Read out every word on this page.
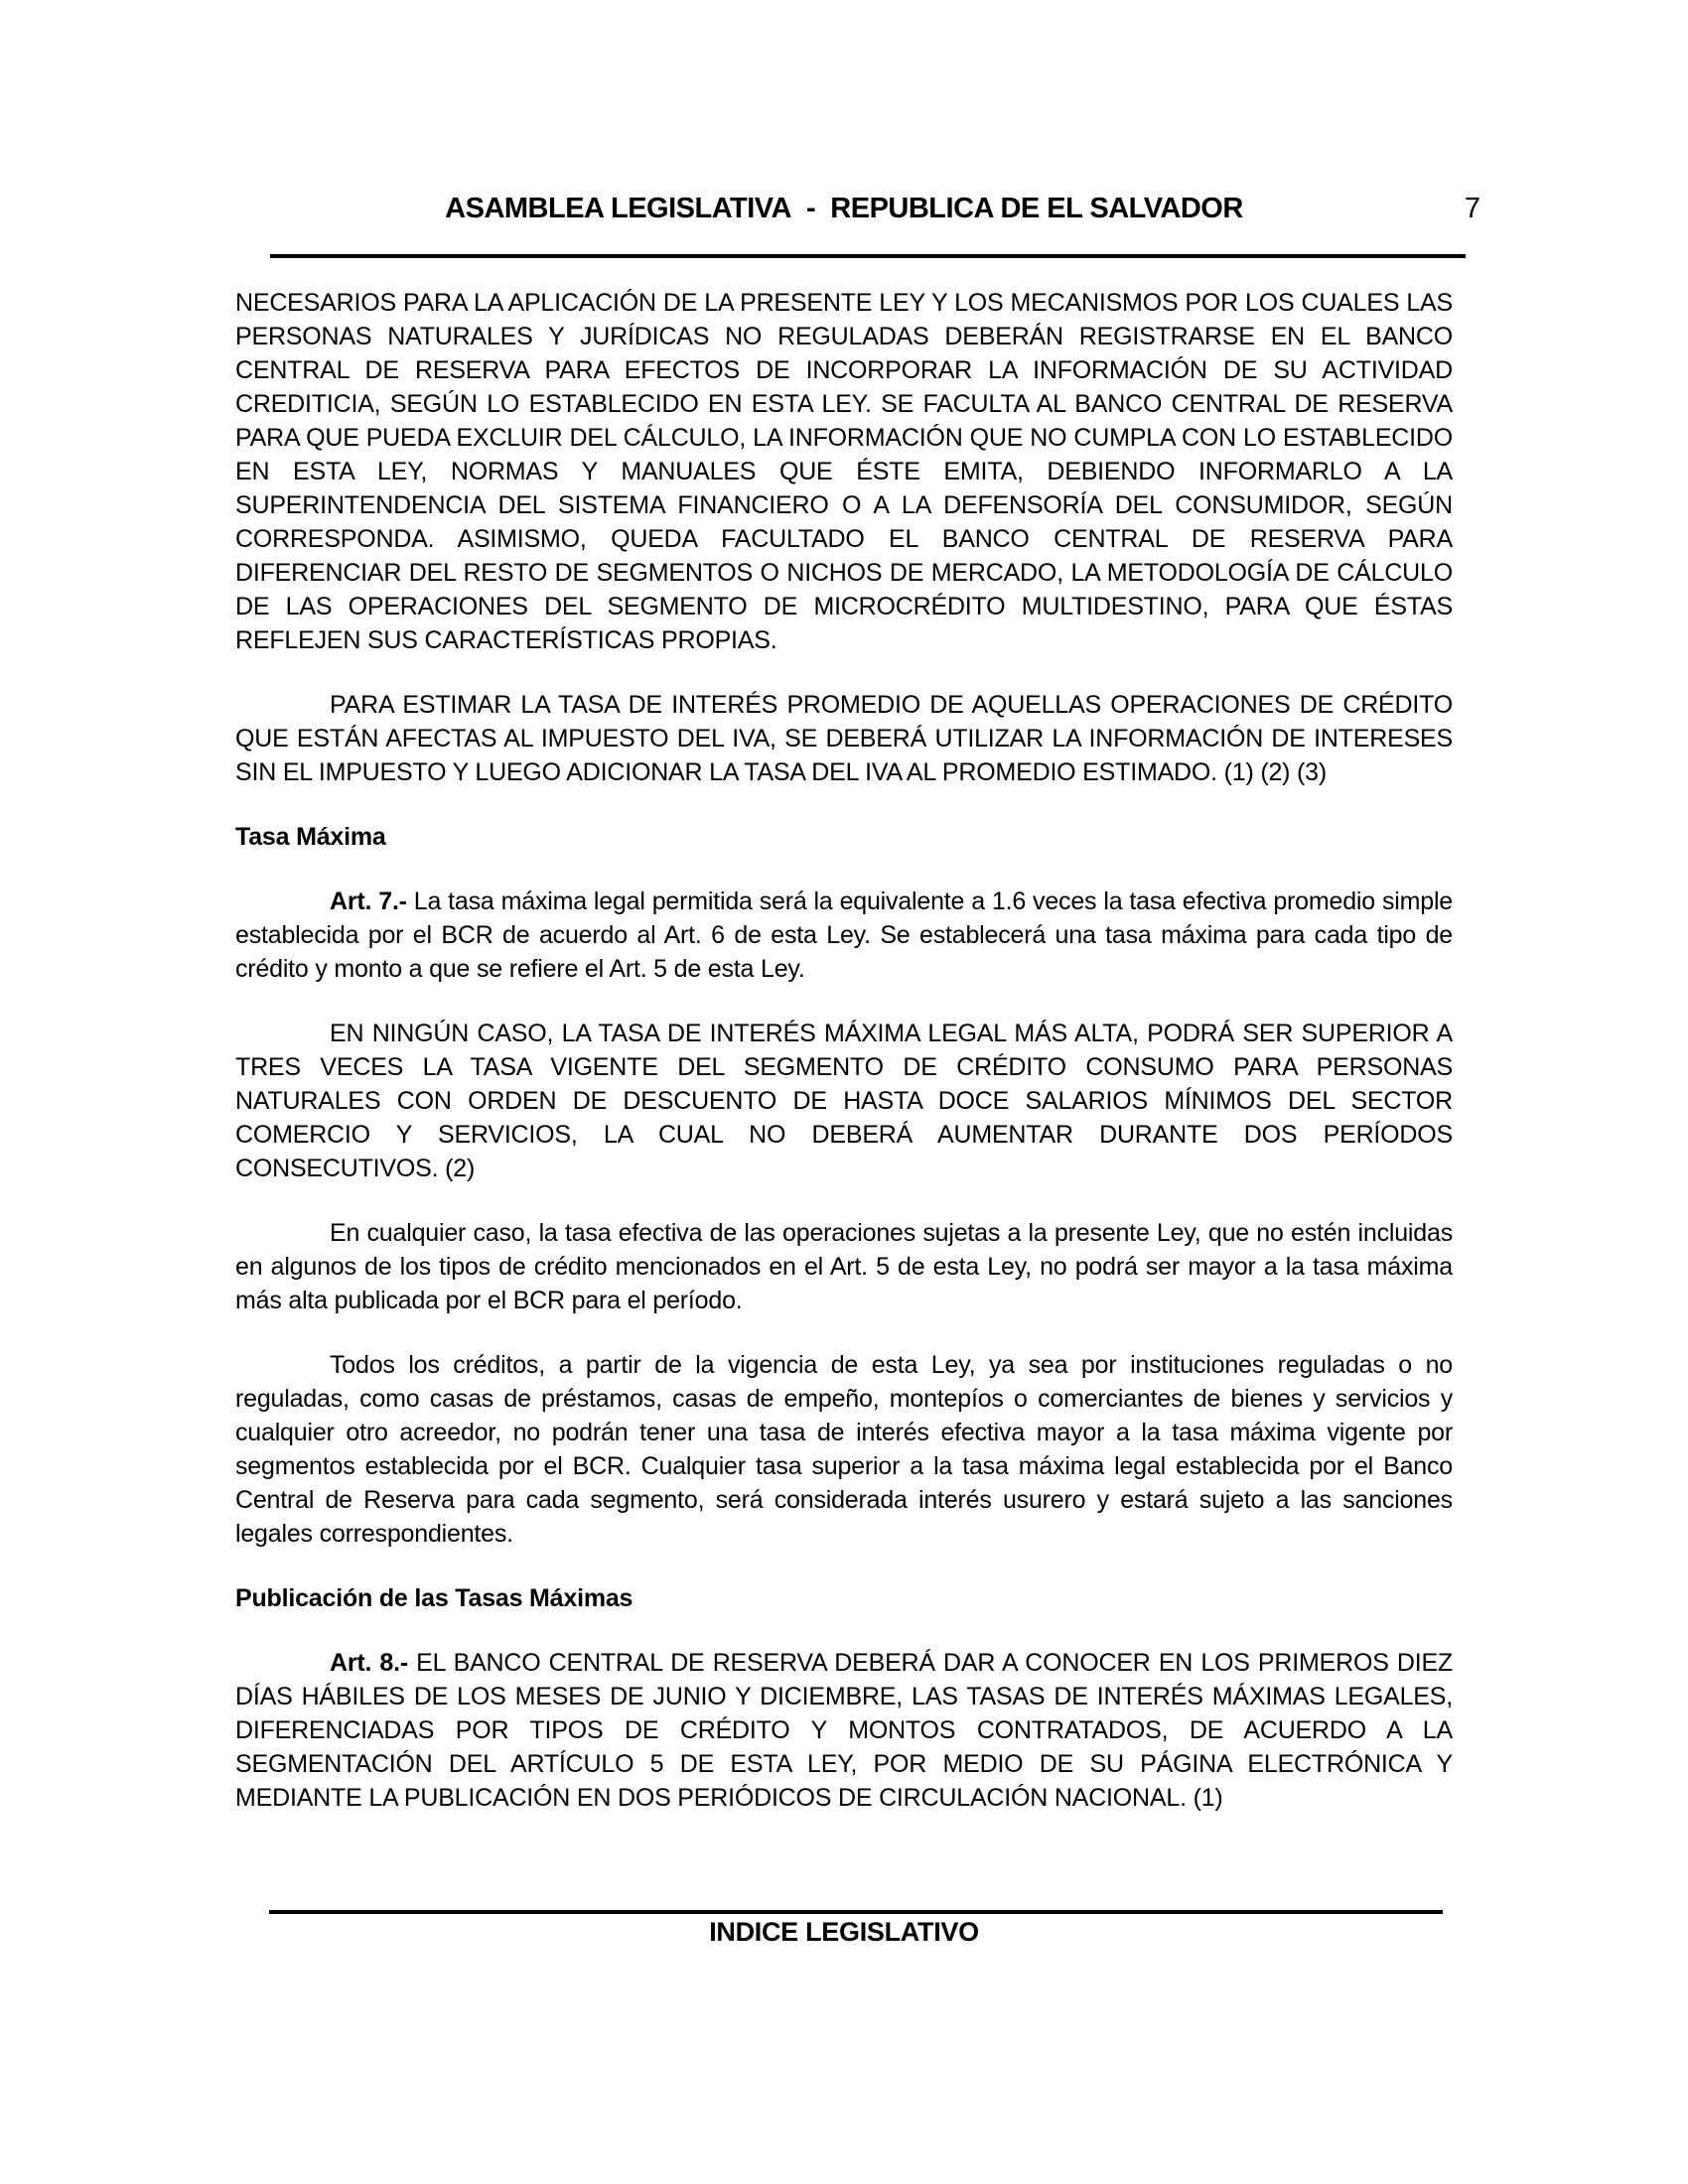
ASAMBLEA LEGISLATIVA  -  REPUBLICA DE EL SALVADOR	7

NECESARIOS PARA LA APLICACIÓN DE LA PRESENTE LEY Y LOS MECANISMOS POR LOS CUALES LAS PERSONAS NATURALES Y JURÍDICAS NO REGULADAS DEBERÁN REGISTRARSE EN EL BANCO CENTRAL DE RESERVA PARA EFECTOS DE INCORPORAR LA INFORMACIÓN DE SU ACTIVIDAD CREDITICIA, SEGÚN LO ESTABLECIDO EN ESTA LEY. SE FACULTA AL BANCO CENTRAL DE RESERVA PARA QUE PUEDA EXCLUIR DEL CÁLCULO, LA INFORMACIÓN QUE NO CUMPLA CON LO ESTABLECIDO EN ESTA LEY, NORMAS Y MANUALES QUE ÉSTE EMITA, DEBIENDO INFORMARLO A LA SUPERINTENDENCIA DEL SISTEMA FINANCIERO O A LA DEFENSORÍA DEL CONSUMIDOR, SEGÚN CORRESPONDA. ASIMISMO, QUEDA FACULTADO EL BANCO CENTRAL DE RESERVA PARA DIFERENCIAR DEL RESTO DE SEGMENTOS O NICHOS DE MERCADO, LA METODOLOGÍA DE CÁLCULO DE LAS OPERACIONES DEL SEGMENTO DE MICROCRÉDITO MULTIDESTINO, PARA QUE ÉSTAS REFLEJEN SUS CARACTERÍSTICAS PROPIAS.

PARA ESTIMAR LA TASA DE INTERÉS PROMEDIO DE AQUELLAS OPERACIONES DE CRÉDITO QUE ESTÁN AFECTAS AL IMPUESTO DEL IVA, SE DEBERÁ UTILIZAR LA INFORMACIÓN DE INTERESES SIN EL IMPUESTO Y LUEGO ADICIONAR LA TASA DEL IVA AL PROMEDIO ESTIMADO. (1) (2) (3)

Tasa Máxima

Art. 7.- La tasa máxima legal permitida será la equivalente a 1.6 veces la tasa efectiva promedio simple establecida por el BCR de acuerdo al Art. 6 de esta Ley. Se establecerá una tasa máxima para cada tipo de crédito y monto a que se refiere el Art. 5 de esta Ley.

EN NINGÚN CASO, LA TASA DE INTERÉS MÁXIMA LEGAL MÁS ALTA, PODRÁ SER SUPERIOR A TRES VECES LA TASA VIGENTE DEL SEGMENTO DE CRÉDITO CONSUMO PARA PERSONAS NATURALES CON ORDEN DE DESCUENTO DE HASTA DOCE SALARIOS MÍNIMOS DEL SECTOR COMERCIO Y SERVICIOS, LA CUAL NO DEBERÁ AUMENTAR DURANTE DOS PERÍODOS CONSECUTIVOS. (2)

En cualquier caso, la tasa efectiva de las operaciones sujetas a la presente Ley, que no estén incluidas en algunos de los tipos de crédito mencionados en el Art. 5 de esta Ley, no podrá ser mayor a la tasa máxima más alta publicada por el BCR para el período.

Todos los créditos, a partir de la vigencia de esta Ley, ya sea por instituciones reguladas o no reguladas, como casas de préstamos, casas de empeño, montepíos o comerciantes de bienes y servicios y cualquier otro acreedor, no podrán tener una tasa de interés efectiva mayor a la tasa máxima vigente por segmentos establecida por el BCR. Cualquier tasa superior a la tasa máxima legal establecida por el Banco Central de Reserva para cada segmento, será considerada interés usurero y estará sujeto a las sanciones legales correspondientes.

Publicación de las Tasas Máximas

Art. 8.- EL BANCO CENTRAL DE RESERVA DEBERÁ DAR A CONOCER EN LOS PRIMEROS DIEZ DÍAS HÁBILES DE LOS MESES DE JUNIO Y DICIEMBRE, LAS TASAS DE INTERÉS MÁXIMAS LEGALES, DIFERENCIADAS POR TIPOS DE CRÉDITO Y MONTOS CONTRATADOS, DE ACUERDO A LA SEGMENTACIÓN DEL ARTÍCULO 5 DE ESTA LEY, POR MEDIO DE SU PÁGINA ELECTRÓNICA Y MEDIANTE LA PUBLICACIÓN EN DOS PERIÓDICOS DE CIRCULACIÓN NACIONAL. (1)

INDICE LEGISLATIVO
